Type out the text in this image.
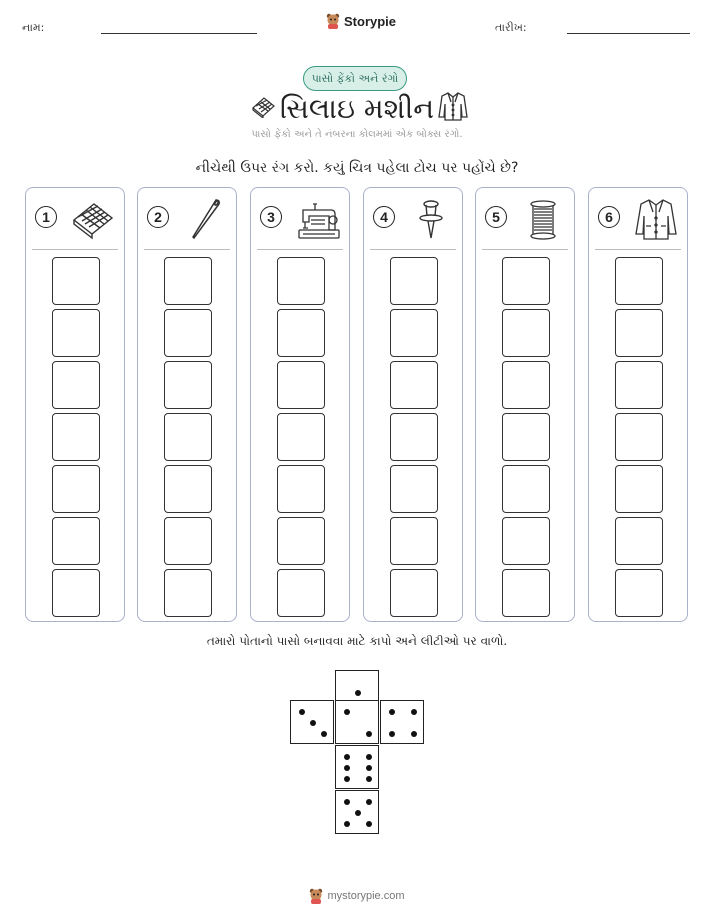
નામ:	Storypie	તારીખ:
પાસો ફેંકો અને રંગો
સિલાઇ મશીન
પાસો ફેંકો અને તે નંબરના કોલમમાં એક બોક્સ રંગો.
નીચેથી ઉપર રંગ કરો. કયું ચિત્ર પહેલા ટોચ પર પહોંચે છે?
1	2	3	4	5	6
તમારો પોતાનો પાસો બનાવવા માટે કાપો અને લીટીઓ પર વાળો.
mystorypie.com
